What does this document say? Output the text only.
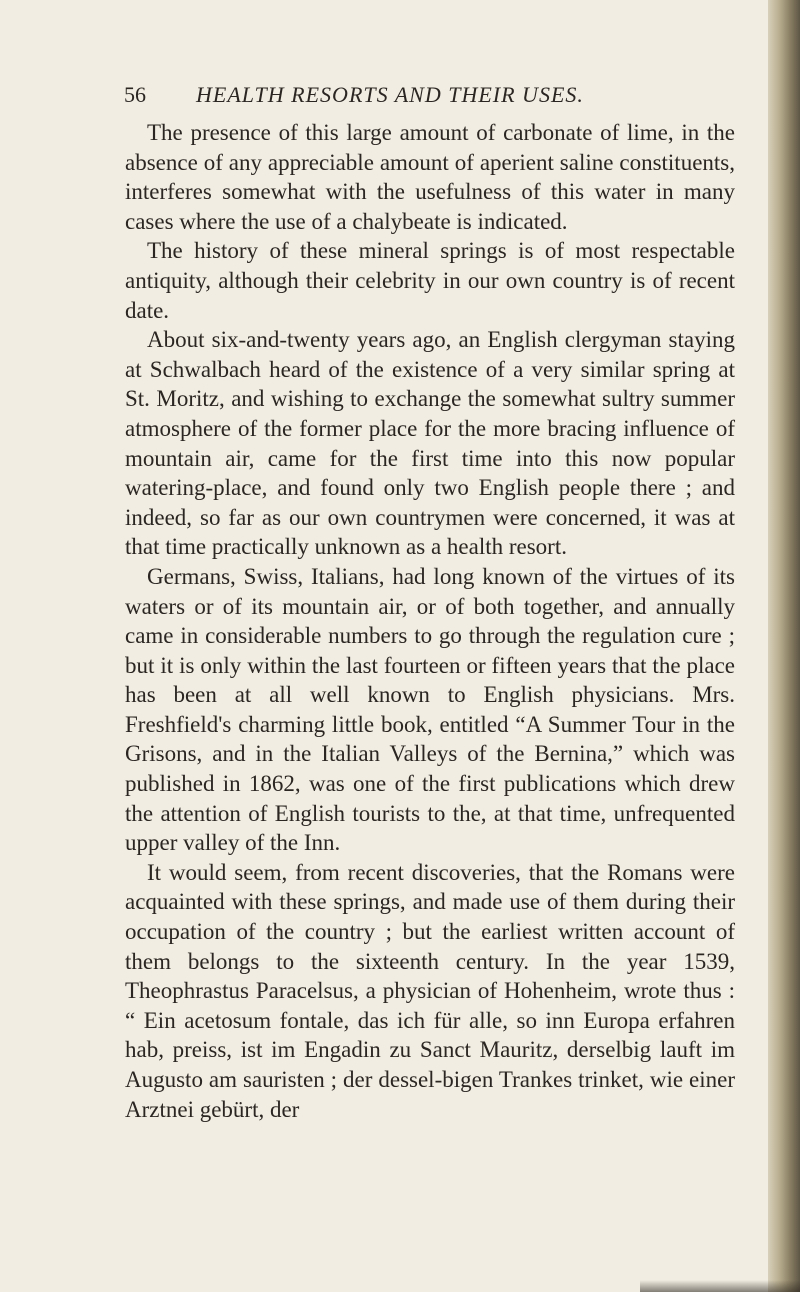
56 HEALTH RESORTS AND THEIR USES.

The presence of this large amount of carbonate of lime, in the absence of any appreciable amount of aperient saline constituents, interferes somewhat with the usefulness of this water in many cases where the use of a chalybeate is indicated.

The history of these mineral springs is of most respectable antiquity, although their celebrity in our own country is of recent date.

About six-and-twenty years ago, an English clergyman staying at Schwalbach heard of the existence of a very similar spring at St. Moritz, and wishing to exchange the somewhat sultry summer atmosphere of the former place for the more bracing influence of mountain air, came for the first time into this now popular watering-place, and found only two English people there ; and indeed, so far as our own countrymen were concerned, it was at that time practically unknown as a health resort.

Germans, Swiss, Italians, had long known of the virtues of its waters or of its mountain air, or of both together, and annually came in considerable numbers to go through the regulation cure ; but it is only within the last fourteen or fifteen years that the place has been at all well known to English physicians. Mrs. Freshfield's charming little book, entitled “A Summer Tour in the Grisons, and in the Italian Valleys of the Bernina,” which was published in 1862, was one of the first publications which drew the attention of English tourists to the, at that time, unfrequented upper valley of the Inn.

It would seem, from recent discoveries, that the Romans were acquainted with these springs, and made use of them during their occupation of the country ; but the earliest written account of them belongs to the sixteenth century. In the year 1539, Theophrastus Paracelsus, a physician of Hohenheim, wrote thus : “ Ein acetosum fontale, das ich für alle, so inn Europa erfahren hab, preiss, ist im Engadin zu Sanct Mauritz, derselbig lauft im Augusto am sauristen ; der dessel-bigen Trankes trinket, wie einer Arztnei gebürt, der
